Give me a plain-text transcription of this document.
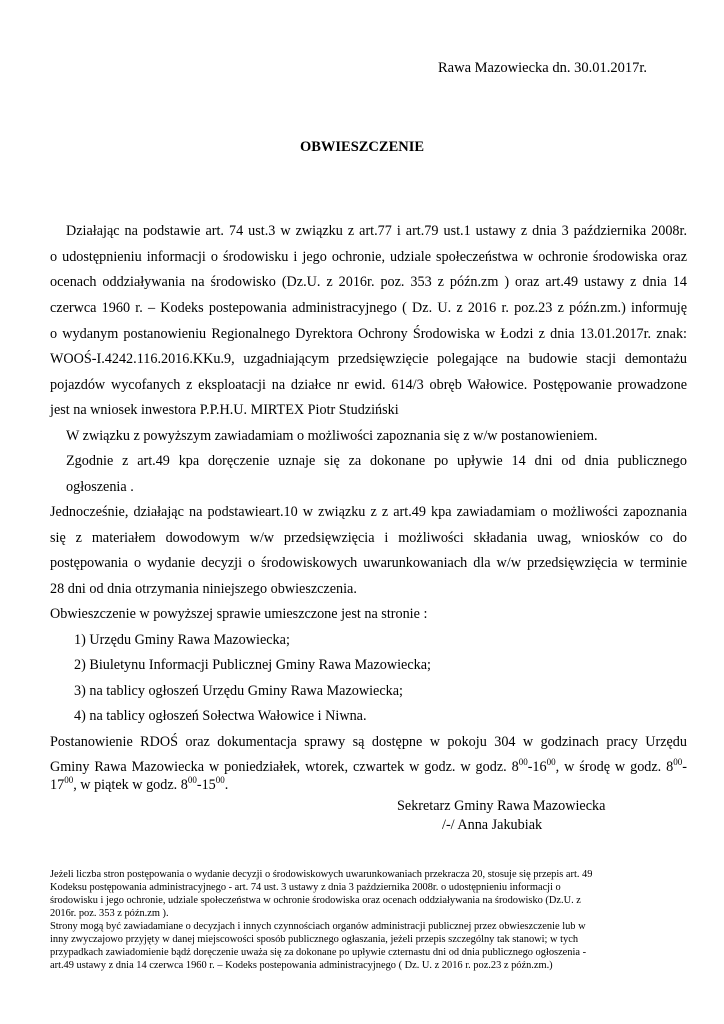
Rawa Mazowiecka dn. 30.01.2017r.
OBWIESZCZENIE
Działając na podstawie art. 74 ust.3 w związku z art.77 i art.79 ust.1 ustawy z dnia 3 października 2008r.
o udostępnieniu informacji o środowisku i jego ochronie, udziale społeczeństwa w ochronie środowiska oraz
ocenach oddziaływania na środowisko (Dz.U. z 2016r. poz. 353 z późn.zm ) oraz art.49 ustawy z dnia 14
czerwca 1960 r. – Kodeks postepowania administracyjnego ( Dz. U. z 2016 r. poz.23 z późn.zm.) informuję
o wydanym postanowieniu Regionalnego Dyrektora Ochrony Środowiska w Łodzi z dnia 13.01.2017r. znak:
WOOŚ-I.4242.116.2016.KKu.9, uzgadniającym przedsięwzięcie polegające na budowie stacji demontażu
pojazdów wycofanych z eksploatacji na działce nr ewid. 614/3 obręb Wałowice. Postępowanie prowadzone
jest na wniosek inwestora P.P.H.U. MIRTEX Piotr Studziński
W związku z powyższym zawiadamiam o możliwości zapoznania się z w/w postanowieniem.
Zgodnie z art.49 kpa doręczenie uznaje się za dokonane po upływie 14 dni od dnia publicznego
ogłoszenia .
Jednocześnie, działając na podstawieart.10 w związku z z art.49 kpa zawiadamiam o możliwości zapoznania
się z materiałem dowodowym w/w przedsięwzięcia i możliwości składania uwag, wniosków co do
postępowania o wydanie decyzji o środowiskowych uwarunkowaniach dla w/w przedsięwzięcia w terminie
28 dni od dnia otrzymania niniejszego obwieszczenia.
Obwieszczenie w powyższej sprawie umieszczone jest na stronie :
1) Urzędu Gminy Rawa Mazowiecka;
2) Biuletynu Informacji Publicznej Gminy Rawa Mazowiecka;
3) na tablicy ogłoszeń Urzędu Gminy Rawa Mazowiecka;
4) na tablicy ogłoszeń Sołectwa Wałowice i Niwna.
Postanowienie RDOŚ oraz dokumentacja sprawy są dostępne w pokoju 304 w godzinach pracy Urzędu
Gminy Rawa Mazowiecka w poniedziałek, wtorek, czwartek w godz. w godz. $8^{00}-16^{00}$, w środę w godz. $8^{00}-$
$17^{00}$, w piątek w godz. $8^{00}-15^{00}$.
Sekretarz Gminy Rawa Mazowiecka
/-/ Anna Jakubiak
Jeżeli liczba stron postępowania o wydanie decyzji o środowiskowych uwarunkowaniach przekracza 20, stosuje się przepis art. 49
Kodeksu postępowania administracyjnego - art. 74 ust. 3 ustawy z dnia 3 października 2008r. o udostępnieniu informacji o
środowisku i jego ochronie, udziale społeczeństwa w ochronie środowiska oraz ocenach oddziaływania na środowisko (Dz.U. z
2016r. poz. 353 z późn.zm ).
Strony mogą być zawiadamiane o decyzjach i innych czynnościach organów administracji publicznej przez obwieszczenie lub w
inny zwyczajowo przyjęty w danej miejscowości sposób publicznego ogłaszania, jeżeli przepis szczególny tak stanowi; w tych
przypadkach zawiadomienie bądź doręczenie uważa się za dokonane po upływie czternastu dni od dnia publicznego ogłoszenia -
art.49 ustawy z dnia 14 czerwca 1960 r. – Kodeks postepowania administracyjnego ( Dz. U. z 2016 r. poz.23 z późn.zm.)
